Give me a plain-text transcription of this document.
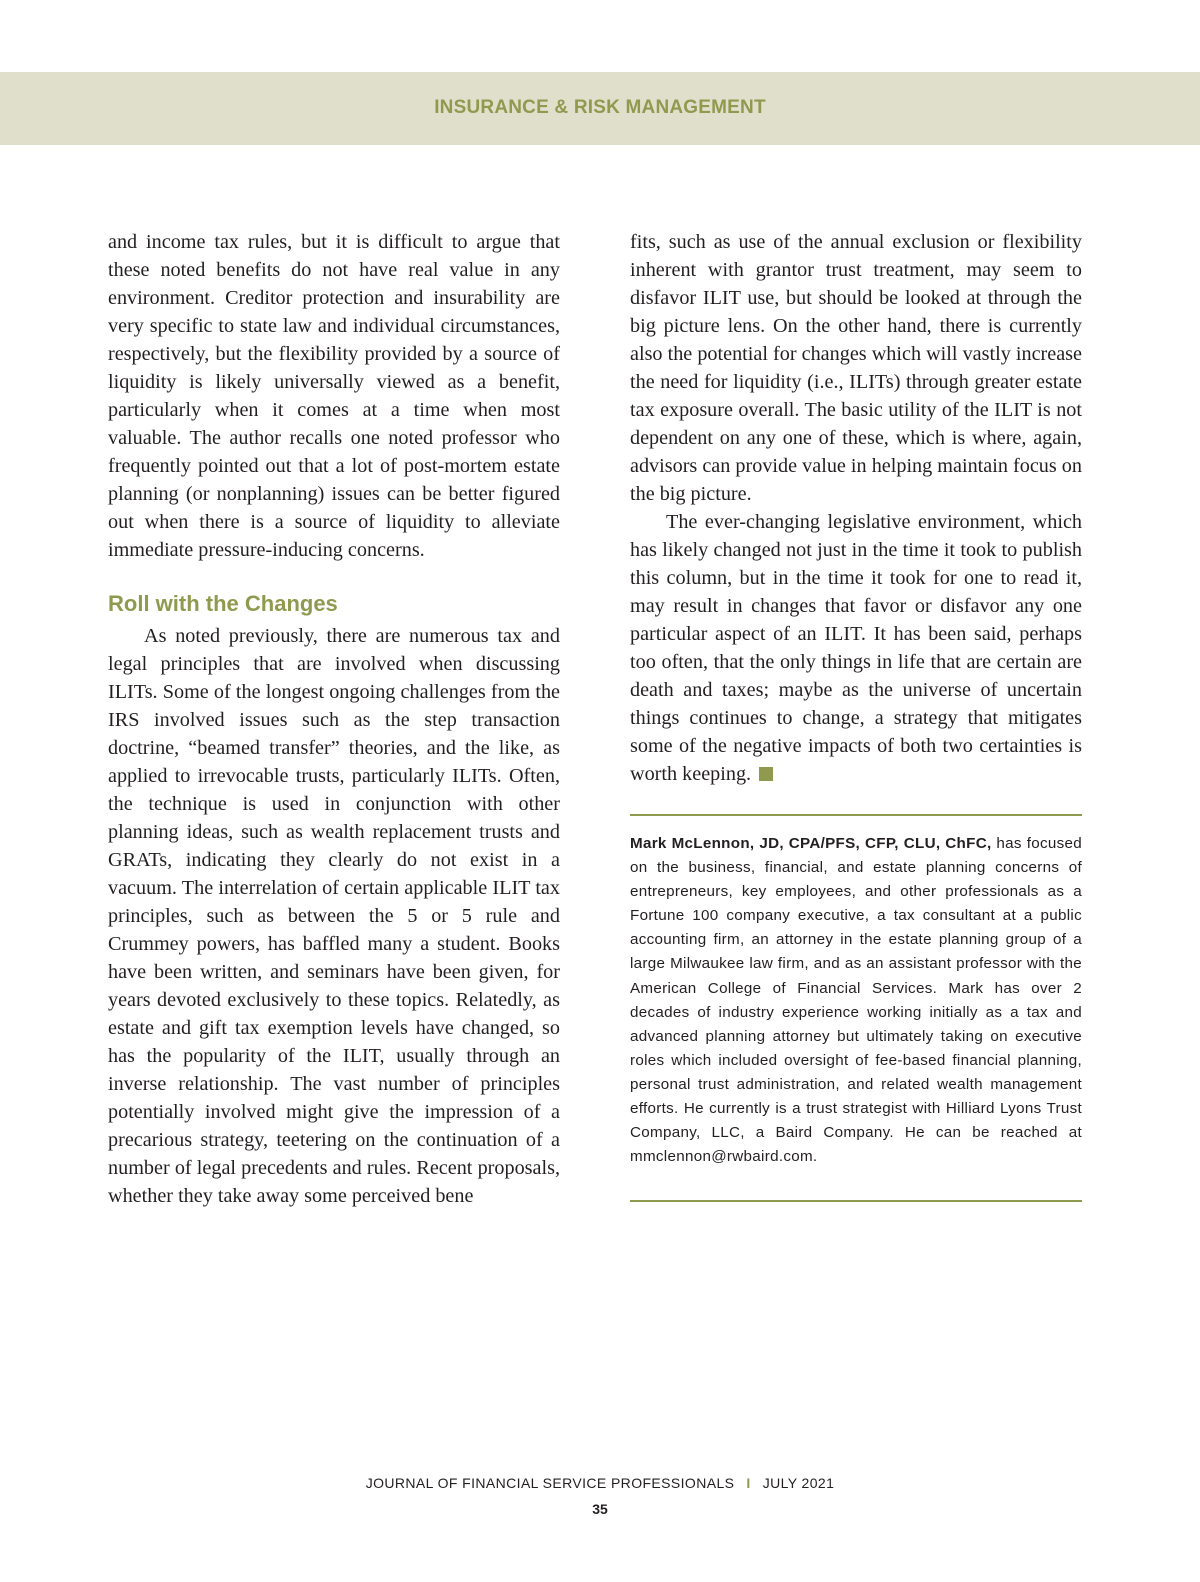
INSURANCE & RISK MANAGEMENT

and income tax rules, but it is difficult to argue that these noted benefits do not have real value in any environment. Creditor protection and insurability are very specific to state law and individual circumstances, respectively, but the flexibility provided by a source of liquidity is likely universally viewed as a benefit, particularly when it comes at a time when most valuable. The author recalls one noted professor who frequently pointed out that a lot of post-mortem estate planning (or nonplanning) issues can be better figured out when there is a source of liquidity to alleviate immediate pressure-inducing concerns.

Roll with the Changes

As noted previously, there are numerous tax and legal principles that are involved when discussing ILITs. Some of the longest ongoing challenges from the IRS involved issues such as the step transaction doctrine, “beamed transfer” theories, and the like, as applied to irrevocable trusts, particularly ILITs. Often, the technique is used in conjunction with other planning ideas, such as wealth replacement trusts and GRATs, indicating they clearly do not exist in a vacuum. The interrelation of certain applicable ILIT tax principles, such as between the 5 or 5 rule and Crummey powers, has baffled many a student. Books have been written, and seminars have been given, for years devoted exclusively to these topics. Relatedly, as estate and gift tax exemption levels have changed, so has the popularity of the ILIT, usually through an inverse relationship. The vast number of principles potentially involved might give the impression of a precarious strategy, teetering on the continuation of a number of legal precedents and rules. Recent proposals, whether they take away some perceived bene

fits, such as use of the annual exclusion or flexibility inherent with grantor trust treatment, may seem to disfavor ILIT use, but should be looked at through the big picture lens. On the other hand, there is currently also the potential for changes which will vastly increase the need for liquidity (i.e., ILITs) through greater estate tax exposure overall. The basic utility of the ILIT is not dependent on any one of these, which is where, again, advisors can provide value in helping maintain focus on the big picture.

The ever-changing legislative environment, which has likely changed not just in the time it took to publish this column, but in the time it took for one to read it, may result in changes that favor or disfavor any one particular aspect of an ILIT. It has been said, perhaps too often, that the only things in life that are certain are death and taxes; maybe as the universe of uncertain things continues to change, a strategy that mitigates some of the negative impacts of both two certainties is worth keeping.

Mark McLennon, JD, CPA/PFS, CFP, CLU, ChFC, has focused on the business, financial, and estate planning concerns of entrepreneurs, key employees, and other professionals as a Fortune 100 company executive, a tax consultant at a public accounting firm, an attorney in the estate planning group of a large Milwaukee law firm, and as an assistant professor with the American College of Financial Services. Mark has over 2 decades of industry experience working initially as a tax and advanced planning attorney but ultimately taking on executive roles which included oversight of fee-based financial planning, personal trust administration, and related wealth management efforts. He currently is a trust strategist with Hilliard Lyons Trust Company, LLC, a Baird Company. He can be reached at mmclennon@rwbaird.com.

JOURNAL OF FINANCIAL SERVICE PROFESSIONALS I JULY 2021
35
